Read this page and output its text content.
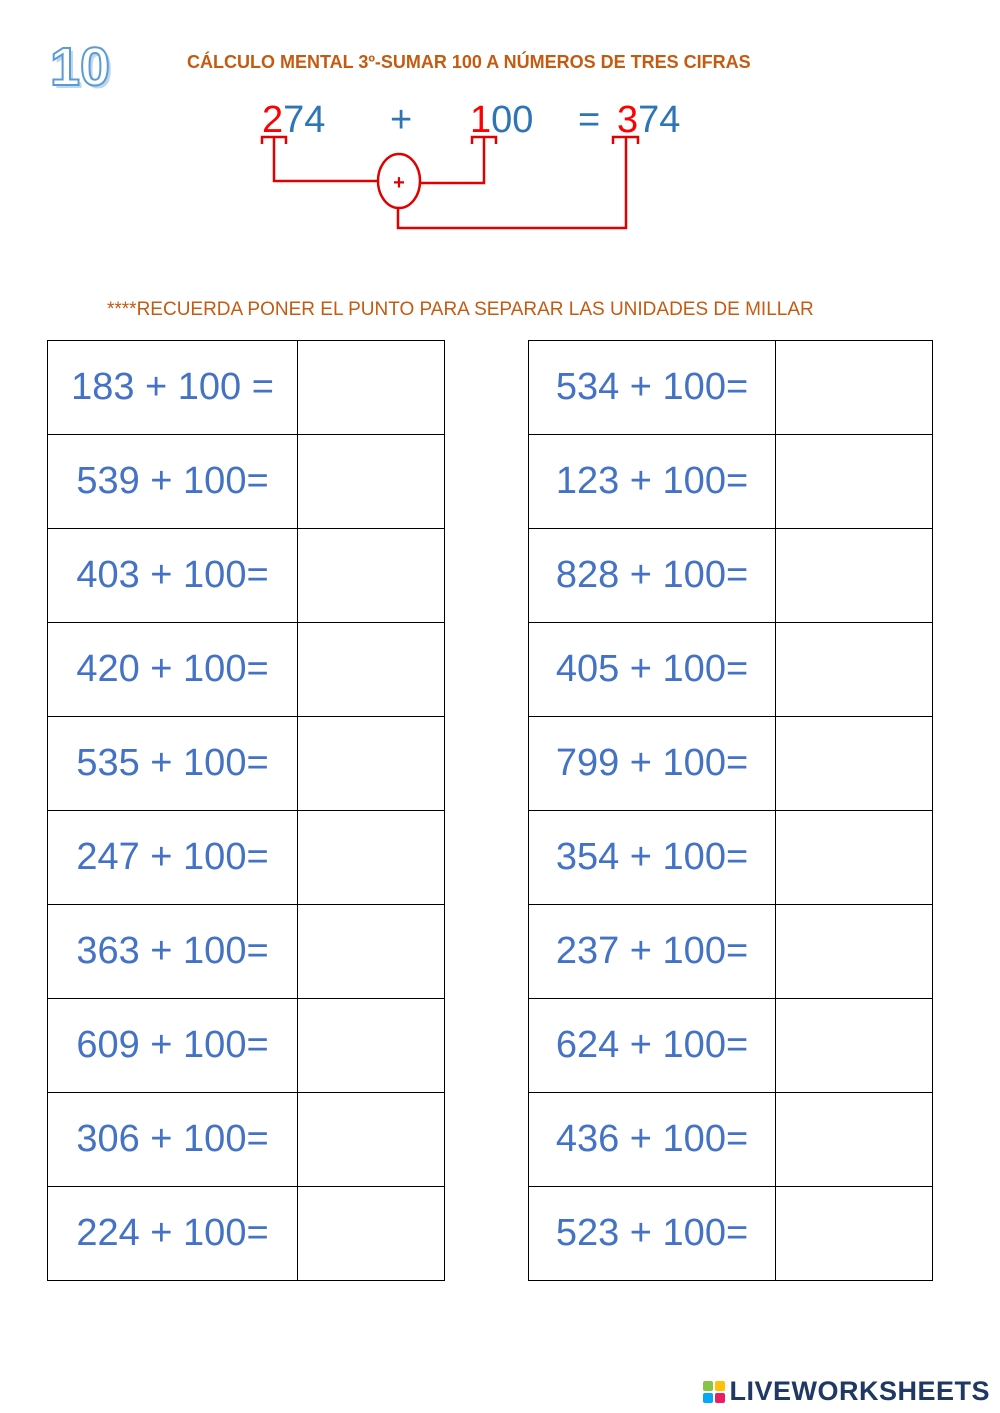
10	CÁLCULO MENTAL 3º-SUMAR 100 A NÚMEROS DE TRES CIFRAS
274 + 100 = 374
+
****RECUERDA PONER EL PUNTO PARA SEPARAR LAS UNIDADES DE MILLAR
183 + 100 =	
539 + 100=	
403 + 100=	
420 + 100=	
535 + 100=	
247 + 100=	
363 + 100=	
609 + 100=	
306 + 100=	
224 + 100=	
534 + 100=	
123 + 100=	
828 + 100=	
405 + 100=	
799 + 100=	
354 + 100=	
237 + 100=	
624 + 100=	
436 + 100=	
523 + 100=	
LIVEWORKSHEETS
